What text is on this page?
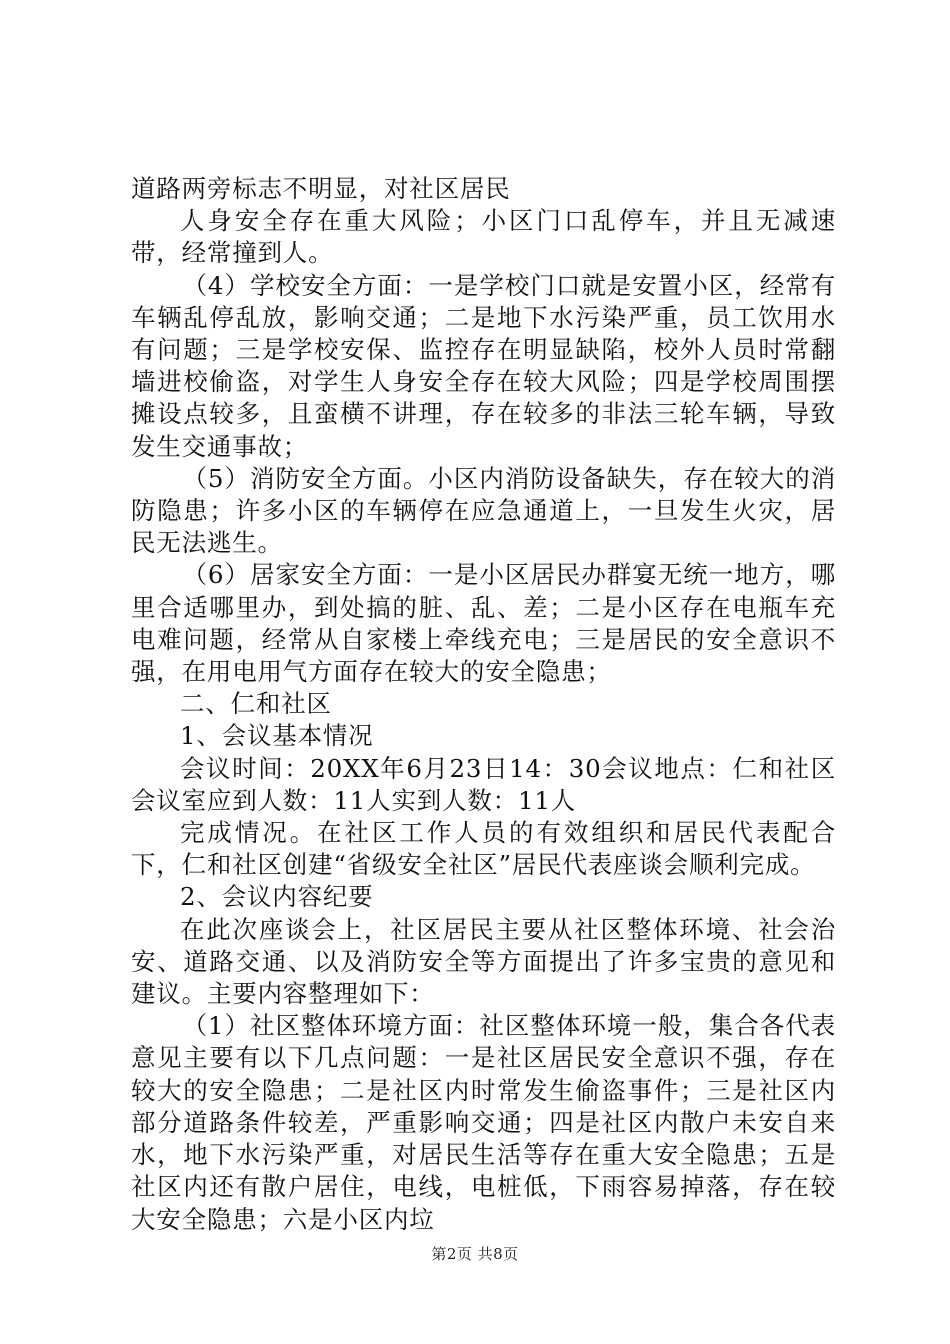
道路两旁标志不明显，对社区居民

人身安全存在重大风险；小区门口乱停车，并且无减速带，经常撞到人。

（4）学校安全方面：一是学校门口就是安置小区，经常有车辆乱停乱放，影响交通；二是地下水污染严重，员工饮用水有问题；三是学校安保、监控存在明显缺陷，校外人员时常翻墙进校偷盗，对学生人身安全存在较大风险；四是学校周围摆摊设点较多，且蛮横不讲理，存在较多的非法三轮车辆，导致发生交通事故；

（5）消防安全方面。小区内消防设备缺失，存在较大的消防隐患；许多小区的车辆停在应急通道上，一旦发生火灾，居民无法逃生。

（6）居家安全方面：一是小区居民办群宴无统一地方，哪里合适哪里办，到处搞的脏、乱、差；二是小区存在电瓶车充电难问题，经常从自家楼上牵线充电；三是居民的安全意识不强，在用电用气方面存在较大的安全隐患；

二、仁和社区

1、会议基本情况

会议时间：20XX年6月23日14：30会议地点：仁和社区会议室应到人数：11人实到人数：11人

完成情况。在社区工作人员的有效组织和居民代表配合下，仁和社区创建“省级安全社区”居民代表座谈会顺利完成。

2、会议内容纪要

在此次座谈会上，社区居民主要从社区整体环境、社会治安、道路交通、以及消防安全等方面提出了许多宝贵的意见和建议。主要内容整理如下：

（1）社区整体环境方面：社区整体环境一般，集合各代表意见主要有以下几点问题：一是社区居民安全意识不强，存在较大的安全隐患；二是社区内时常发生偷盗事件；三是社区内部分道路条件较差，严重影响交通；四是社区内散户未安自来水，地下水污染严重，对居民生活等存在重大安全隐患；五是社区内还有散户居住，电线，电桩低，下雨容易掉落，存在较大安全隐患；六是小区内垃

第2页 共8页
